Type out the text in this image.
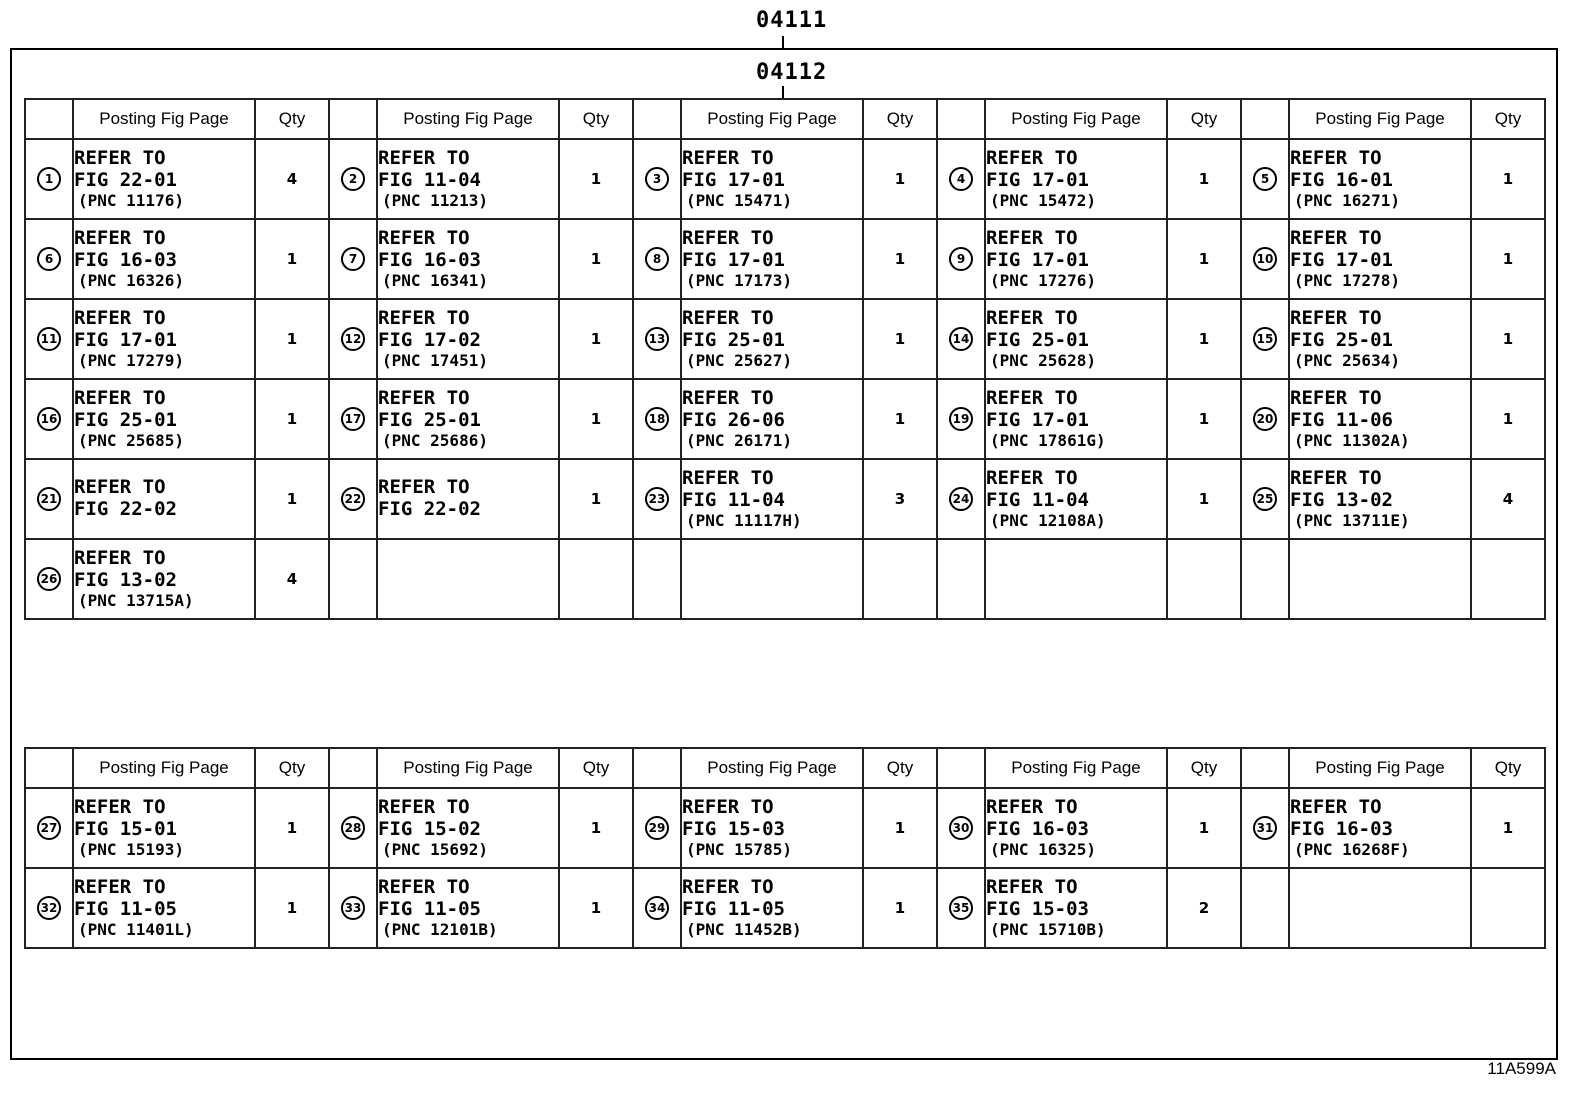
04111
04112
	Posting Fig Page	Qty		Posting Fig Page	Qty		Posting Fig Page	Qty		Posting Fig Page	Qty		Posting Fig Page	Qty
1	REFER TO
FIG 22-01
(PNC 11176)	4	2	REFER TO
FIG 11-04
(PNC 11213)	1	3	REFER TO
FIG 17-01
(PNC 15471)	1	4	REFER TO
FIG 17-01
(PNC 15472)	1	5	REFER TO
FIG 16-01
(PNC 16271)	1
6	REFER TO
FIG 16-03
(PNC 16326)	1	7	REFER TO
FIG 16-03
(PNC 16341)	1	8	REFER TO
FIG 17-01
(PNC 17173)	1	9	REFER TO
FIG 17-01
(PNC 17276)	1	10	REFER TO
FIG 17-01
(PNC 17278)	1
11	REFER TO
FIG 17-01
(PNC 17279)	1	12	REFER TO
FIG 17-02
(PNC 17451)	1	13	REFER TO
FIG 25-01
(PNC 25627)	1	14	REFER TO
FIG 25-01
(PNC 25628)	1	15	REFER TO
FIG 25-01
(PNC 25634)	1
16	REFER TO
FIG 25-01
(PNC 25685)	1	17	REFER TO
FIG 25-01
(PNC 25686)	1	18	REFER TO
FIG 26-06
(PNC 26171)	1	19	REFER TO
FIG 17-01
(PNC 17861G)	1	20	REFER TO
FIG 11-06
(PNC 11302A)	1
21	REFER TO
FIG 22-02	1	22	REFER TO
FIG 22-02	1	23	REFER TO
FIG 11-04
(PNC 11117H)	3	24	REFER TO
FIG 11-04
(PNC 12108A)	1	25	REFER TO
FIG 13-02
(PNC 13711E)	4
26	REFER TO
FIG 13-02
(PNC 13715A)	4												
	Posting Fig Page	Qty		Posting Fig Page	Qty		Posting Fig Page	Qty		Posting Fig Page	Qty		Posting Fig Page	Qty
27	REFER TO
FIG 15-01
(PNC 15193)	1	28	REFER TO
FIG 15-02
(PNC 15692)	1	29	REFER TO
FIG 15-03
(PNC 15785)	1	30	REFER TO
FIG 16-03
(PNC 16325)	1	31	REFER TO
FIG 16-03
(PNC 16268F)	1
32	REFER TO
FIG 11-05
(PNC 11401L)	1	33	REFER TO
FIG 11-05
(PNC 12101B)	1	34	REFER TO
FIG 11-05
(PNC 11452B)	1	35	REFER TO
FIG 15-03
(PNC 15710B)	2			
11A599A
